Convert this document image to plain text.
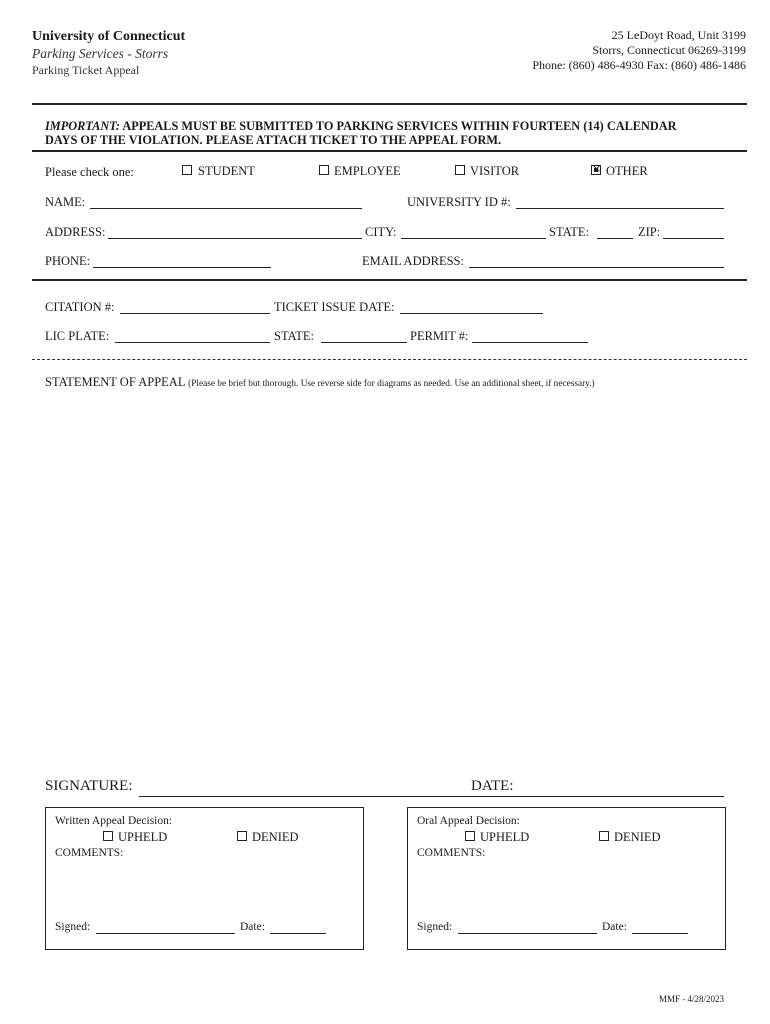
University of Connecticut
Parking Services - Storrs
Parking Ticket Appeal
25 LeDoyt Road, Unit 3199
Storrs, Connecticut 06269-3199
Phone: (860) 486-4930 Fax: (860) 486-1486
IMPORTANT: APPEALS MUST BE SUBMITTED TO PARKING SERVICES WITHIN FOURTEEN (14) CALENDAR
DAYS OF THE VIOLATION. PLEASE ATTACH TICKET TO THE APPEAL FORM.
Please check one:	STUDENT	EMPLOYEE	VISITOR
×	OTHER
NAME:	UNIVERSITY ID #:
ADDRESS:	CITY:	STATE:	ZIP:
PHONE:	EMAIL ADDRESS:
CITATION #:	TICKET ISSUE DATE:
LIC PLATE:	STATE:	PERMIT #:
STATEMENT OF APPEAL (Please be brief but thorough. Use reverse side for diagrams as needed. Use an additional sheet, if necessary.)
SIGNATURE:	DATE:
Written Appeal Decision:
UPHELD	DENIED
COMMENTS:
Signed:	Date:
Oral Appeal Decision:
UPHELD	DENIED
COMMENTS:
Signed:	Date:
MMF - 4/28/2023
